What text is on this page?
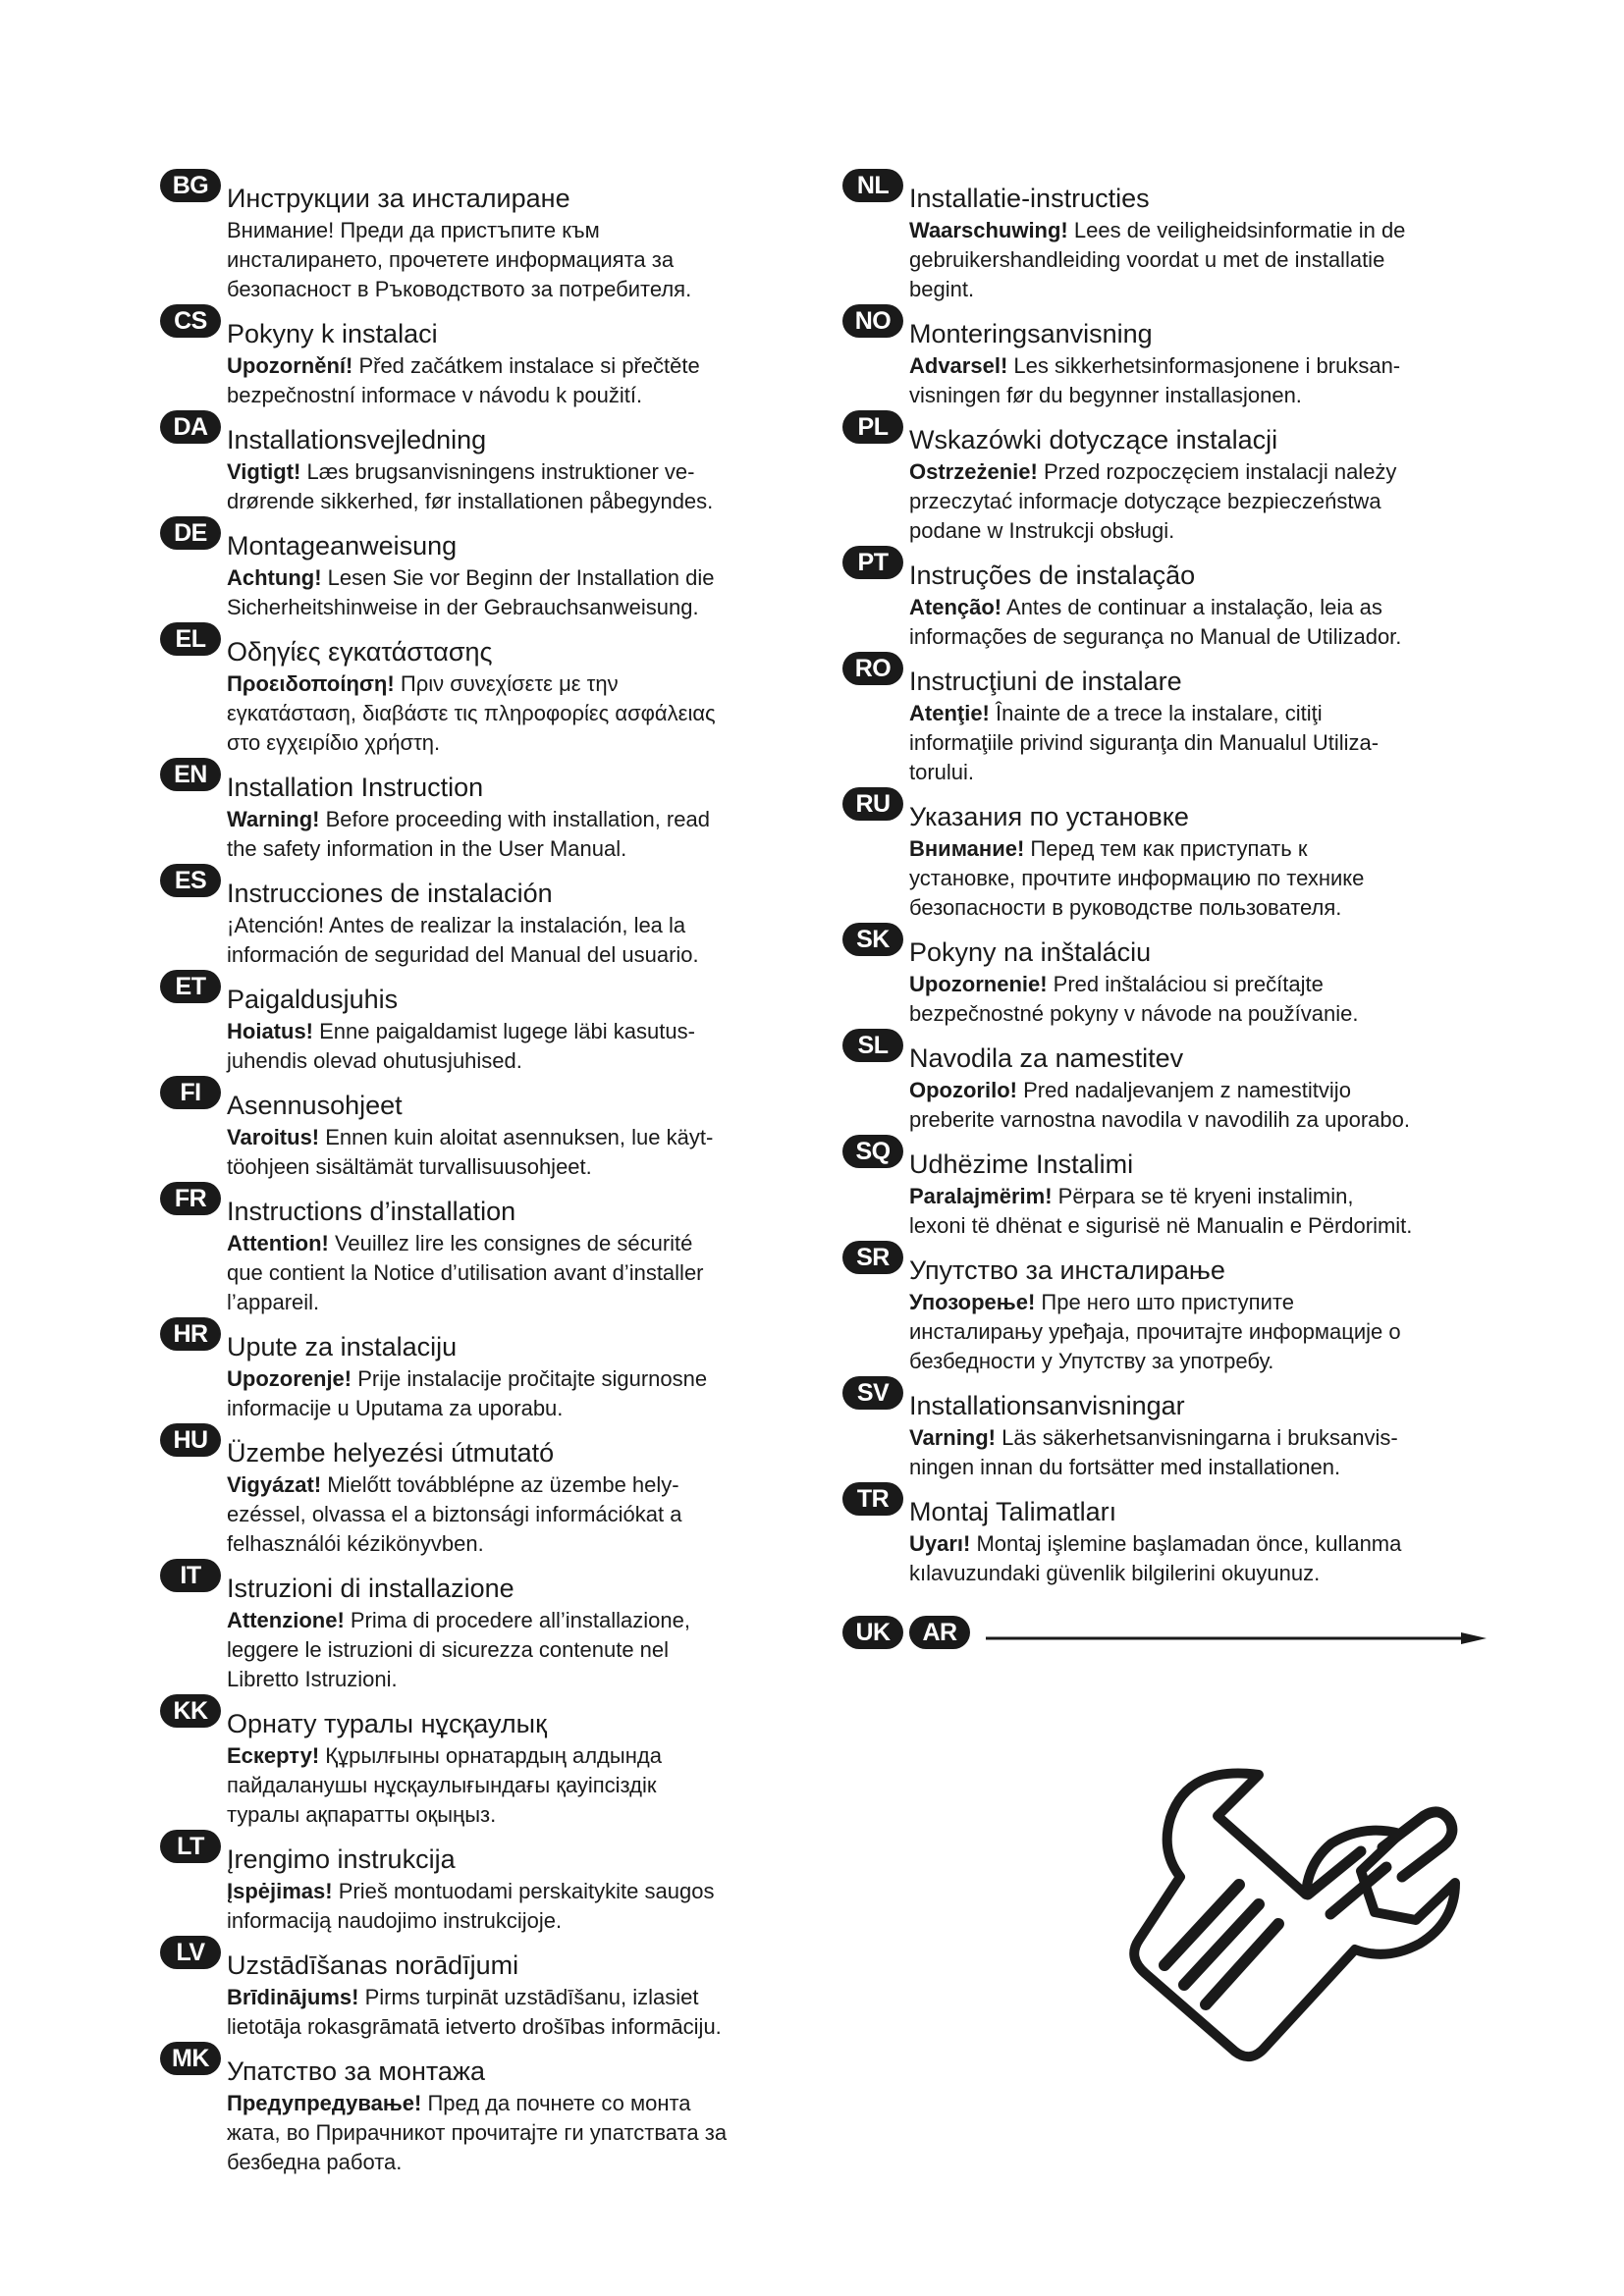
BG Инструкции за инсталиране
Внимание! Преди да пристъпите към
инсталирането, прочетете информацията за
безопасност в Ръководството за потребителя.
CS Pokyny k instalaci
Upozornění! Před začátkem instalace si přečtěte
bezpečnostní informace v návodu k použití.
DA Installationsvejledning
Vigtigt! Læs brugsanvisningens instruktioner ve-
drørende sikkerhed, før installationen påbegyndes.
DE Montageanweisung
Achtung! Lesen Sie vor Beginn der Installation die
Sicherheitshinweise in der Gebrauchsanweisung.
EL Οδηγίες εγκατάστασης
Προειδοποίηση! Πριν συνεχίσετε με την
εγκατάσταση, διαβάστε τις πληροφορίες ασφάλειας
στο εγχειρίδιο χρήστη.
EN Installation Instruction
Warning! Before proceeding with installation, read
the safety information in the User Manual.
ES Instrucciones de instalación
¡Atención! Antes de realizar la instalación, lea la
información de seguridad del Manual del usuario.
ET Paigaldusjuhis
Hoiatus! Enne paigaldamist lugege läbi kasutus-
juhendis olevad ohutusjuhised.
FI Asennusohjeet
Varoitus! Ennen kuin aloitat asennuksen, lue käyt-
töohjeen sisältämät turvallisuusohjeet.
FR Instructions d’installation
Attention! Veuillez lire les consignes de sécurité
que contient la Notice d’utilisation avant d’installer
l’appareil.
HR Upute za instalaciju
Upozorenje! Prije instalacije pročitajte sigurnosne
informacije u Uputama za uporabu.
HU Üzembe helyezési útmutató
Vigyázat! Mielőtt továbblépne az üzembe hely-
ezéssel, olvassa el a biztonsági információkat a
felhasználói kézikönyvben.
IT Istruzioni di installazione
Attenzione! Prima di procedere all’installazione,
leggere le istruzioni di sicurezza contenute nel
Libretto Istruzioni.
KK Орнату туралы нұсқаулық
Ескерту! Құрылғыны орнатардың алдында
пайдаланушы нұсқаулығындағы қауіпсіздік
туралы ақпаратты оқыңыз.
LT Įrengimo instrukcija
Įspėjimas! Prieš montuodami perskaitykite saugos
informaciją naudojimo instrukcijoje.
LV Uzstādīšanas norādījumi
Brīdinājums! Pirms turpināt uzstādīšanu, izlasiet
lietotāja rokasgrāmatā ietverto drošības informāciju.
MK Упатство за монтажа
Предупредување! Пред да почнете со монта
жата, во Прирачникот прочитајте ги упатствата за
безбедна работа.
NL Installatie-instructies
Waarschuwing! Lees de veiligheidsinformatie in de
gebruikershandleiding voordat u met de installatie
begint.
NO Monteringsanvisning
Advarsel! Les sikkerhetsinformasjonene i bruksan-
visningen før du begynner installasjonen.
PL Wskazówki dotyczące instalacji
Ostrzeżenie! Przed rozpoczęciem instalacji należy
przeczytać informacje dotyczące bezpieczeństwa
podane w Instrukcji obsługi.
PT Instruções de instalação
Atenção! Antes de continuar a instalação, leia as
informações de segurança no Manual de Utilizador.
RO Instrucţiuni de instalare
Atenţie! Înainte de a trece la instalare, citiţi
informaţiile privind siguranţa din Manualul Utiliza-
torului.
RU Указания по установке
Внимание! Перед тем как приступать к
установке, прочтите информацию по технике
безопасности в руководстве пользователя.
SK Pokyny na inštaláciu
Upozornenie! Pred inštaláciou si prečítajte
bezpečnostné pokyny v návode na používanie.
SL Navodila za namestitev
Opozorilo! Pred nadaljevanjem z namestitvijo
preberite varnostna navodila v navodilih za uporabo.
SQ Udhëzime Instalimi
Paralajmërim! Përpara se të kryeni instalimin,
lexoni të dhënat e sigurisë në Manualin e Përdorimit.
SR Упутство за инсталирање
Упозорење! Пре него што приступите
инсталирању уређаја, прочитајте информације о
безбедности у Упутству за употребу.
SV Installationsanvisningar
Varning! Läs säkerhetsanvisningarna i bruksanvis-
ningen innan du fortsätter med installationen.
TR Montaj Talimatları
Uyarı! Montaj işlemine başlamadan önce, kullanma
kılavuzundaki güvenlik bilgilerini okuyunuz.
UK	AR
